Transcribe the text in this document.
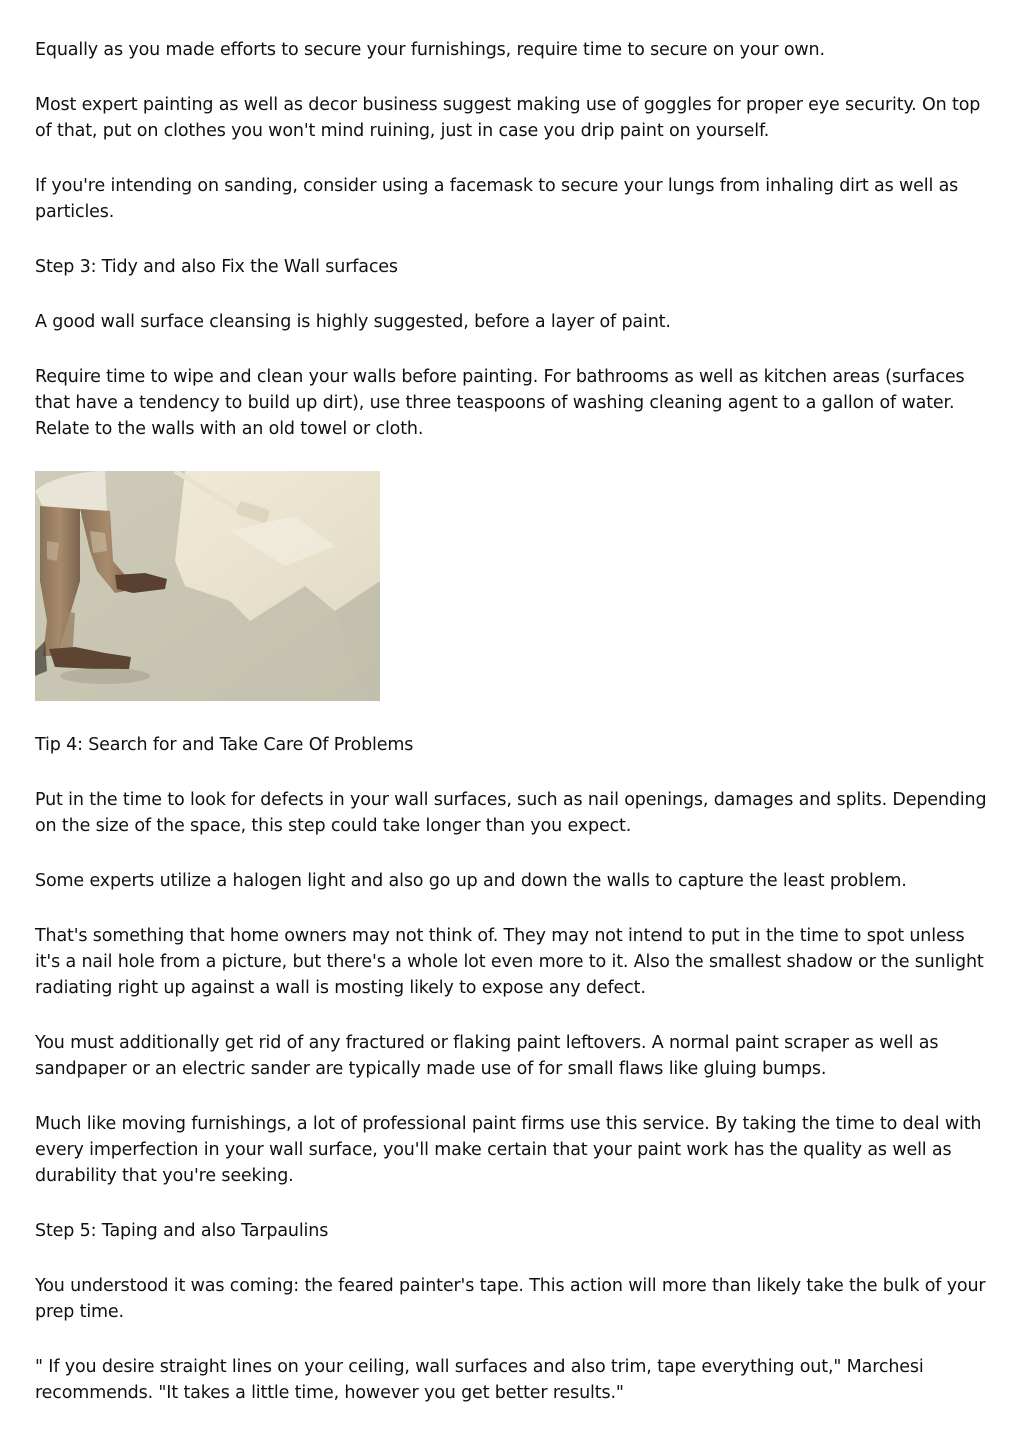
Equally as you made efforts to secure your furnishings, require time to secure on your own.

Most expert painting as well as decor business suggest making use of goggles for proper eye security. On top of that, put on clothes you won't mind ruining, just in case you drip paint on yourself.

If you're intending on sanding, consider using a facemask to secure your lungs from inhaling dirt as well as particles.

Step 3: Tidy and also Fix the Wall surfaces

A good wall surface cleansing is highly suggested, before a layer of paint.

Require time to wipe and clean your walls before painting. For bathrooms as well as kitchen areas (surfaces that have a tendency to build up dirt), use three teaspoons of washing cleaning agent to a gallon of water. Relate to the walls with an old towel or cloth.

Tip 4: Search for and Take Care Of Problems

Put in the time to look for defects in your wall surfaces, such as nail openings, damages and splits. Depending on the size of the space, this step could take longer than you expect.

Some experts utilize a halogen light and also go up and down the walls to capture the least problem.

That's something that home owners may not think of. They may not intend to put in the time to spot unless it's a nail hole from a picture, but there's a whole lot even more to it. Also the smallest shadow or the sunlight radiating right up against a wall is mosting likely to expose any defect.

You must additionally get rid of any fractured or flaking paint leftovers. A normal paint scraper as well as sandpaper or an electric sander are typically made use of for small flaws like gluing bumps.

Much like moving furnishings, a lot of professional paint firms use this service. By taking the time to deal with every imperfection in your wall surface, you'll make certain that your paint work has the quality as well as durability that you're seeking.

Step 5: Taping and also Tarpaulins

You understood it was coming: the feared painter's tape. This action will more than likely take the bulk of your prep time.

" If you desire straight lines on your ceiling, wall surfaces and also trim, tape everything out," Marchesi recommends. "It takes a little time, however you get better results."
